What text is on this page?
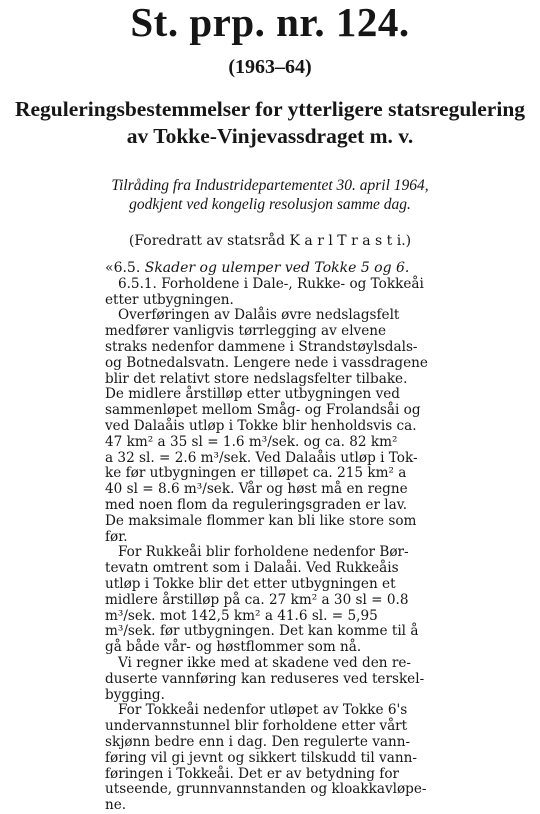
St. prp. nr. 124.
(1963–64)
Reguleringsbestemmelser for ytterligere statsregulering
av Tokke-Vinjevassdraget m. v.
Tilråding fra Industridepartementet 30. april 1964,
godkjent ved kongelig resolusjon samme dag.
(Foredratt av statsråd K a r l T r a s t i.)
«6.5. Skader og ulemper ved Tokke 5 og 6.
6.5.1. Forholdene i Dale-, Rukke- og Tokkeåi
etter utbygningen.
Overføringen av Dalåis øvre nedslagsfelt
medfører vanligvis tørrlegging av elvene
straks nedenfor dammene i Strandstøylsdals-
og Botnedalsvatn. Lengere nede i vassdragene
blir det relativt store nedslagsfelter tilbake.
De midlere årstilløp etter utbygningen ved
sammenløpet mellom Småg- og Frolandsåi og
ved Dalaåis utløp i Tokke blir henholdsvis ca.
47 km² a 35 sl = 1.6 m³/sek. og ca. 82 km²
a 32 sl. = 2.6 m³/sek. Ved Dalaåis utløp i Tok-
ke før utbygningen er tilløpet ca. 215 km² a
40 sl = 8.6 m³/sek. Vår og høst må en regne
med noen flom da reguleringsgraden er lav.
De maksimale flommer kan bli like store som
før.
For Rukkeåi blir forholdene nedenfor Bør-
tevatn omtrent som i Dalaåi. Ved Rukkeåis
utløp i Tokke blir det etter utbygningen et
midlere årstilløp på ca. 27 km² a 30 sl = 0.8
m³/sek. mot 142,5 km² a 41.6 sl. = 5,95
m³/sek. før utbygningen. Det kan komme til å
gå både vår- og høstflommer som nå.
Vi regner ikke med at skadene ved den re-
duserte vannføring kan reduseres ved terskel-
bygging.
For Tokkeåi nedenfor utløpet av Tokke 6's
undervannstunnel blir forholdene etter vårt
skjønn bedre enn i dag. Den regulerte vann-
føring vil gi jevnt og sikkert tilskudd til vann-
føringen i Tokkeåi. Det er av betydning for
utseende, grunnvannstanden og kloakkavløpe-
ne.
